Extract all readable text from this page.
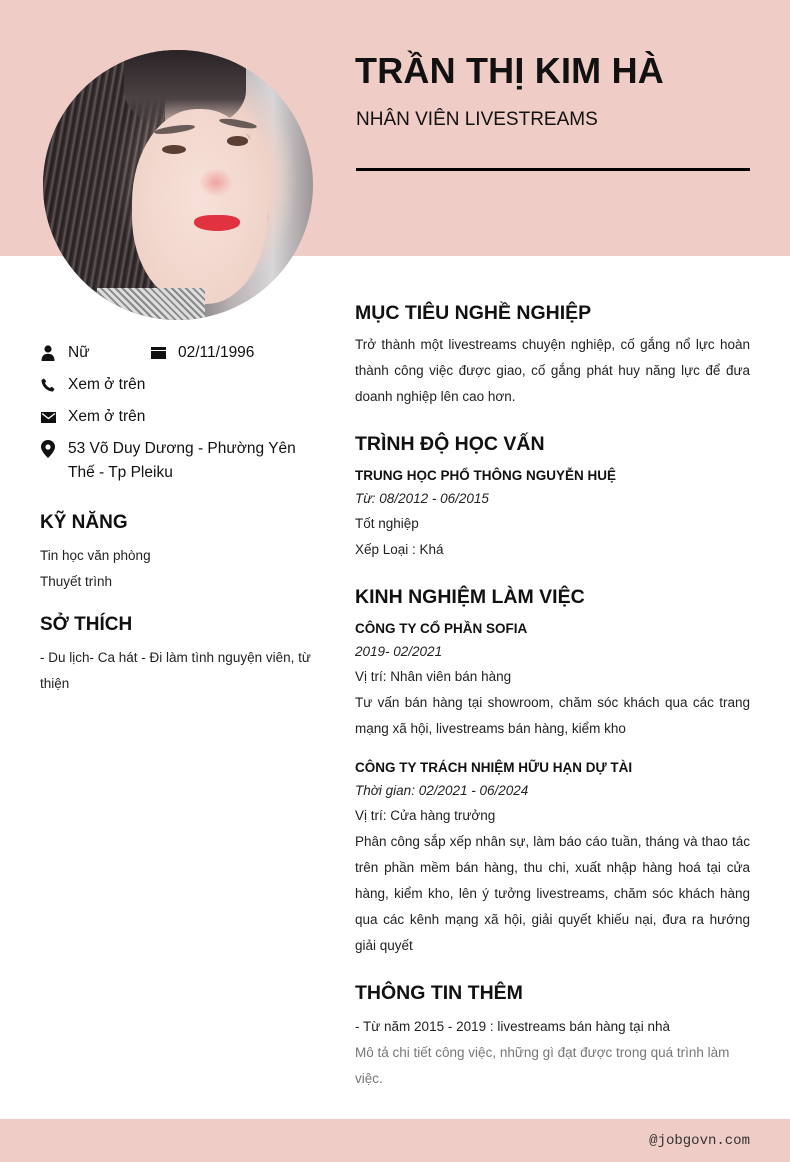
TRẦN THỊ KIM HÀ
NHÂN VIÊN LIVESTREAMS
Nữ	02/11/1996
Xem ở trên
Xem ở trên
53 Võ Duy Dương - Phường Yên
Thế - Tp Pleiku
KỸ NĂNG
Tin học văn phòng
Thuyết trình
SỞ THÍCH
- Du lịch- Ca hát - Đi làm tình nguyện viên, từ thiện
MỤC TIÊU NGHỀ NGHIỆP
Trở thành một livestreams chuyện nghiệp, cố gắng nổ lực hoàn thành công việc được giao, cố gắng phát huy năng lực để đưa doanh nghiệp lên cao hơn.
TRÌNH ĐỘ HỌC VẤN
TRUNG HỌC PHỔ THÔNG NGUYỄN HUỆ
Từ: 08/2012 - 06/2015
Tốt nghiệp
Xếp Loại : Khá
KINH NGHIỆM LÀM VIỆC
CÔNG TY CỔ PHẦN SOFIA
2019- 02/2021
Vị trí: Nhân viên bán hàng
Tư vấn bán hàng tại showroom, chăm sóc khách qua các trang mạng xã hội, livestreams bán hàng, kiểm kho
CÔNG TY TRÁCH NHIỆM HỮU HẠN DỰ TÀI
Thời gian: 02/2021 - 06/2024
Vị trí: Cửa hàng trưởng
Phân công sắp xếp nhân sự, làm báo cáo tuần, tháng và thao tác trên phần mềm bán hàng, thu chi, xuất nhập hàng hoá tại cửa hàng, kiểm kho, lên ý tưởng livestreams, chăm sóc khách hàng qua các kênh mạng xã hội, giải quyết khiếu nại, đưa ra hướng giải quyết
THÔNG TIN THÊM
- Từ năm 2015 - 2019 : livestreams bán hàng tại nhà
Mô tả chi tiết công việc, những gì đạt được trong quá trình làm việc.
@jobgovn.com
